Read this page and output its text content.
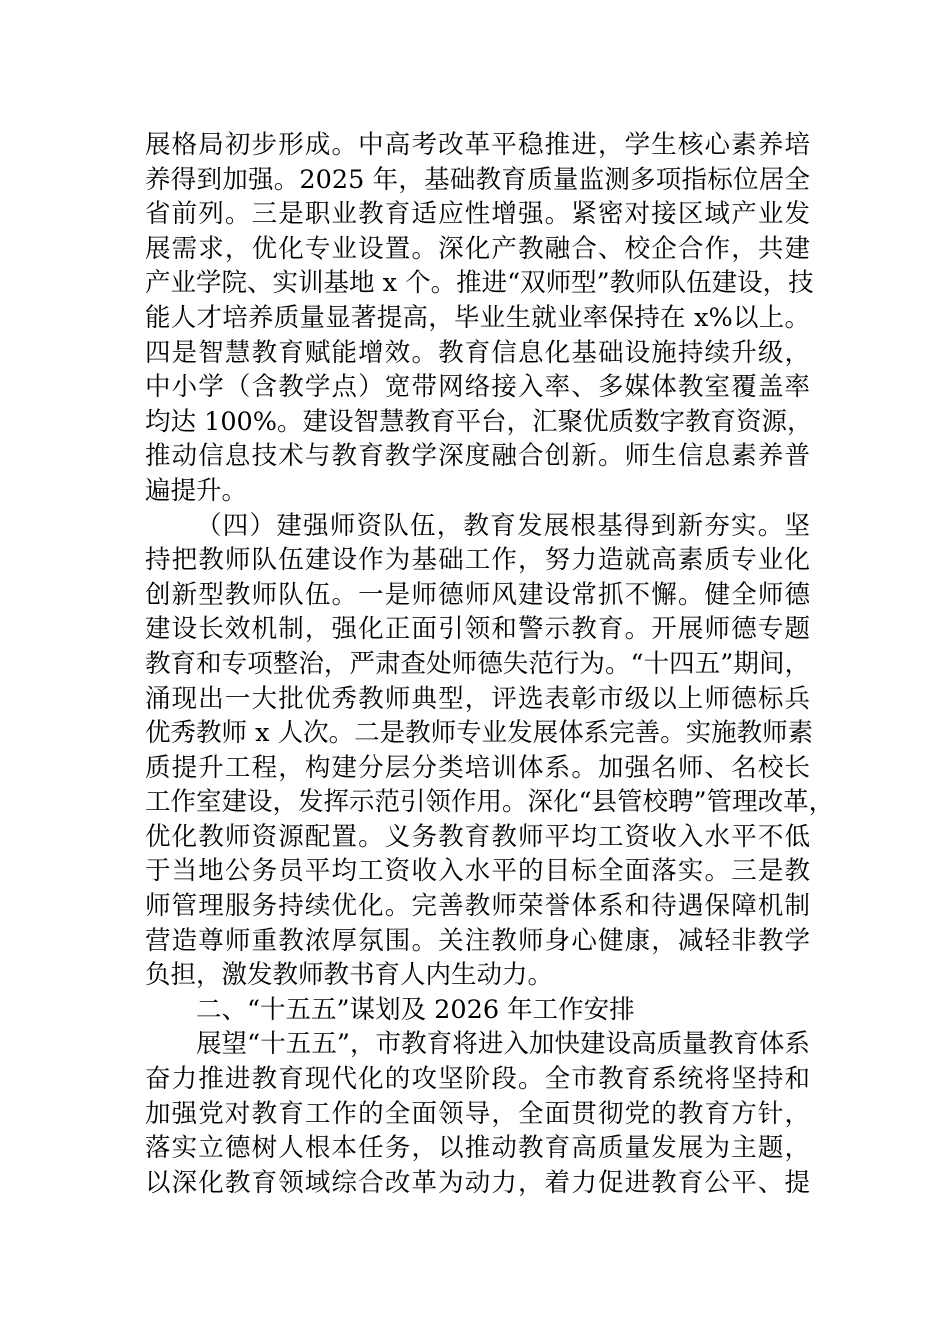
展格局初步形成。中高考改革平稳推进，学生核心素养培
养得到加强。2025 年，基础教育质量监测多项指标位居全
省前列。三是职业教育适应性增强。紧密对接区域产业发
展需求，优化专业设置。深化产教融合、校企合作，共建
产业学院、实训基地 x 个。推进“双师型”教师队伍建设，技
能人才培养质量显著提高，毕业生就业率保持在 x%以上。
四是智慧教育赋能增效。教育信息化基础设施持续升级，
中小学（含教学点）宽带网络接入率、多媒体教室覆盖率
均达 100%。建设智慧教育平台，汇聚优质数字教育资源，
推动信息技术与教育教学深度融合创新。师生信息素养普
遍提升。
（四）建强师资队伍，教育发展根基得到新夯实。坚
持把教师队伍建设作为基础工作，努力造就高素质专业化
创新型教师队伍。一是师德师风建设常抓不懈。健全师德
建设长效机制，强化正面引领和警示教育。开展师德专题
教育和专项整治，严肃查处师德失范行为。“十四五”期间，
涌现出一大批优秀教师典型，评选表彰市级以上师德标兵
优秀教师 x 人次。二是教师专业发展体系完善。实施教师素
质提升工程，构建分层分类培训体系。加强名师、名校长
工作室建设，发挥示范引领作用。深化“县管校聘”管理改革，
优化教师资源配置。义务教育教师平均工资收入水平不低
于当地公务员平均工资收入水平的目标全面落实。三是教
师管理服务持续优化。完善教师荣誉体系和待遇保障机制
营造尊师重教浓厚氛围。关注教师身心健康，减轻非教学
负担，激发教师教书育人内生动力。
二、“十五五”谋划及 2026 年工作安排
展望“十五五”，市教育将进入加快建设高质量教育体系
奋力推进教育现代化的攻坚阶段。全市教育系统将坚持和
加强党对教育工作的全面领导，全面贯彻党的教育方针，
落实立德树人根本任务，以推动教育高质量发展为主题，
以深化教育领域综合改革为动力，着力促进教育公平、提
